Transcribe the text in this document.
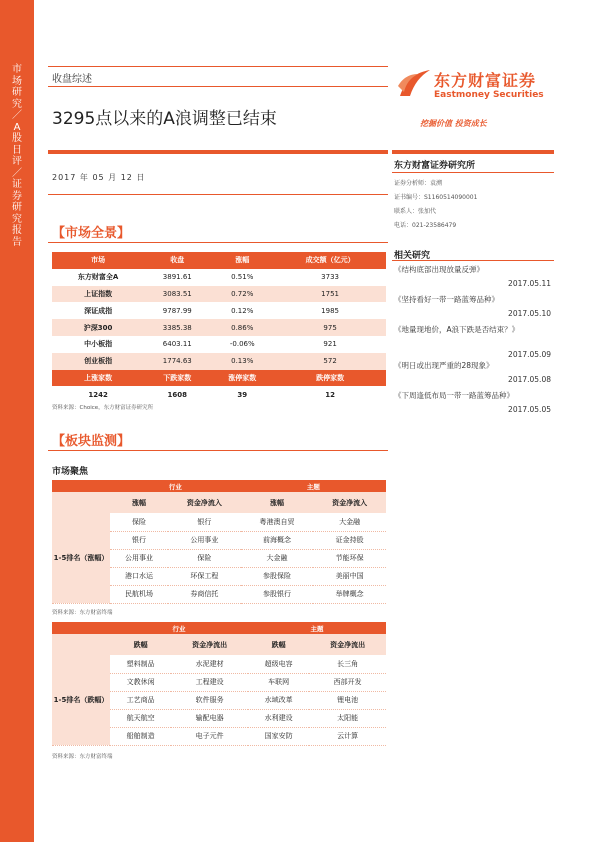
市场研究／A股日评／证券研究报告
收盘综述
3295点以来的A浪调整已结束
2017 年 05 月 12 日
东方财富证券
Eastmoney Securities
挖掘价值 投资成长
东方财富证券研究所
证券分析师：袁溯
证书编号：S1160514090001
联系人：张加代
电话：021-23586479
相关研究
《结构底部出现放量反弹》
2017.05.11
《坚持看好一带一路蓝筹品种》
2017.05.10
《地量现地价，A浪下跌是否结束？》
2017.05.09
《明日或出现严重的28现象》
2017.05.08
《下周逢低布局一带一路蓝筹品种》
2017.05.05
【市场全景】
市场	收盘	涨幅	成交额（亿元）
东方财富全A	3891.61	0.51%	3733
上证指数	3083.51	0.72%	1751
深证成指	9787.99	0.12%	1985
沪深300	3385.38	0.86%	975
中小板指	6403.11	-0.06%	921
创业板指	1774.63	0.13%	572
上涨家数	下跌家数	涨停家数	跌停家数
1242	1608	39	12
资料来源：Choice，东方财富证券研究所
【板块监测】
市场聚焦
	行业		主题	
	涨幅	资金净流入	涨幅	资金净流入
1-5排名（涨幅）	保险	银行	粤港澳自贸	大金融
	银行	公用事业	前海概念	证金持股
	公用事业	保险	大金融	节能环保
	港口水运	环保工程	参股保险	美丽中国
	民航机场	券商信托	参股银行	举牌概念
资料来源：东方财富终端
	行业		主题	
	跌幅	资金净流出	跌幅	资金净流出
1-5排名（跌幅）	塑料制品	水泥建材	超级电容	长三角
	文教休闲	工程建设	车联网	西部开发
	工艺商品	软件服务	水域改革	锂电池
	航天航空	输配电器	水利建设	太阳能
	船舶制造	电子元件	国家安防	云计算
资料来源：东方财富终端
